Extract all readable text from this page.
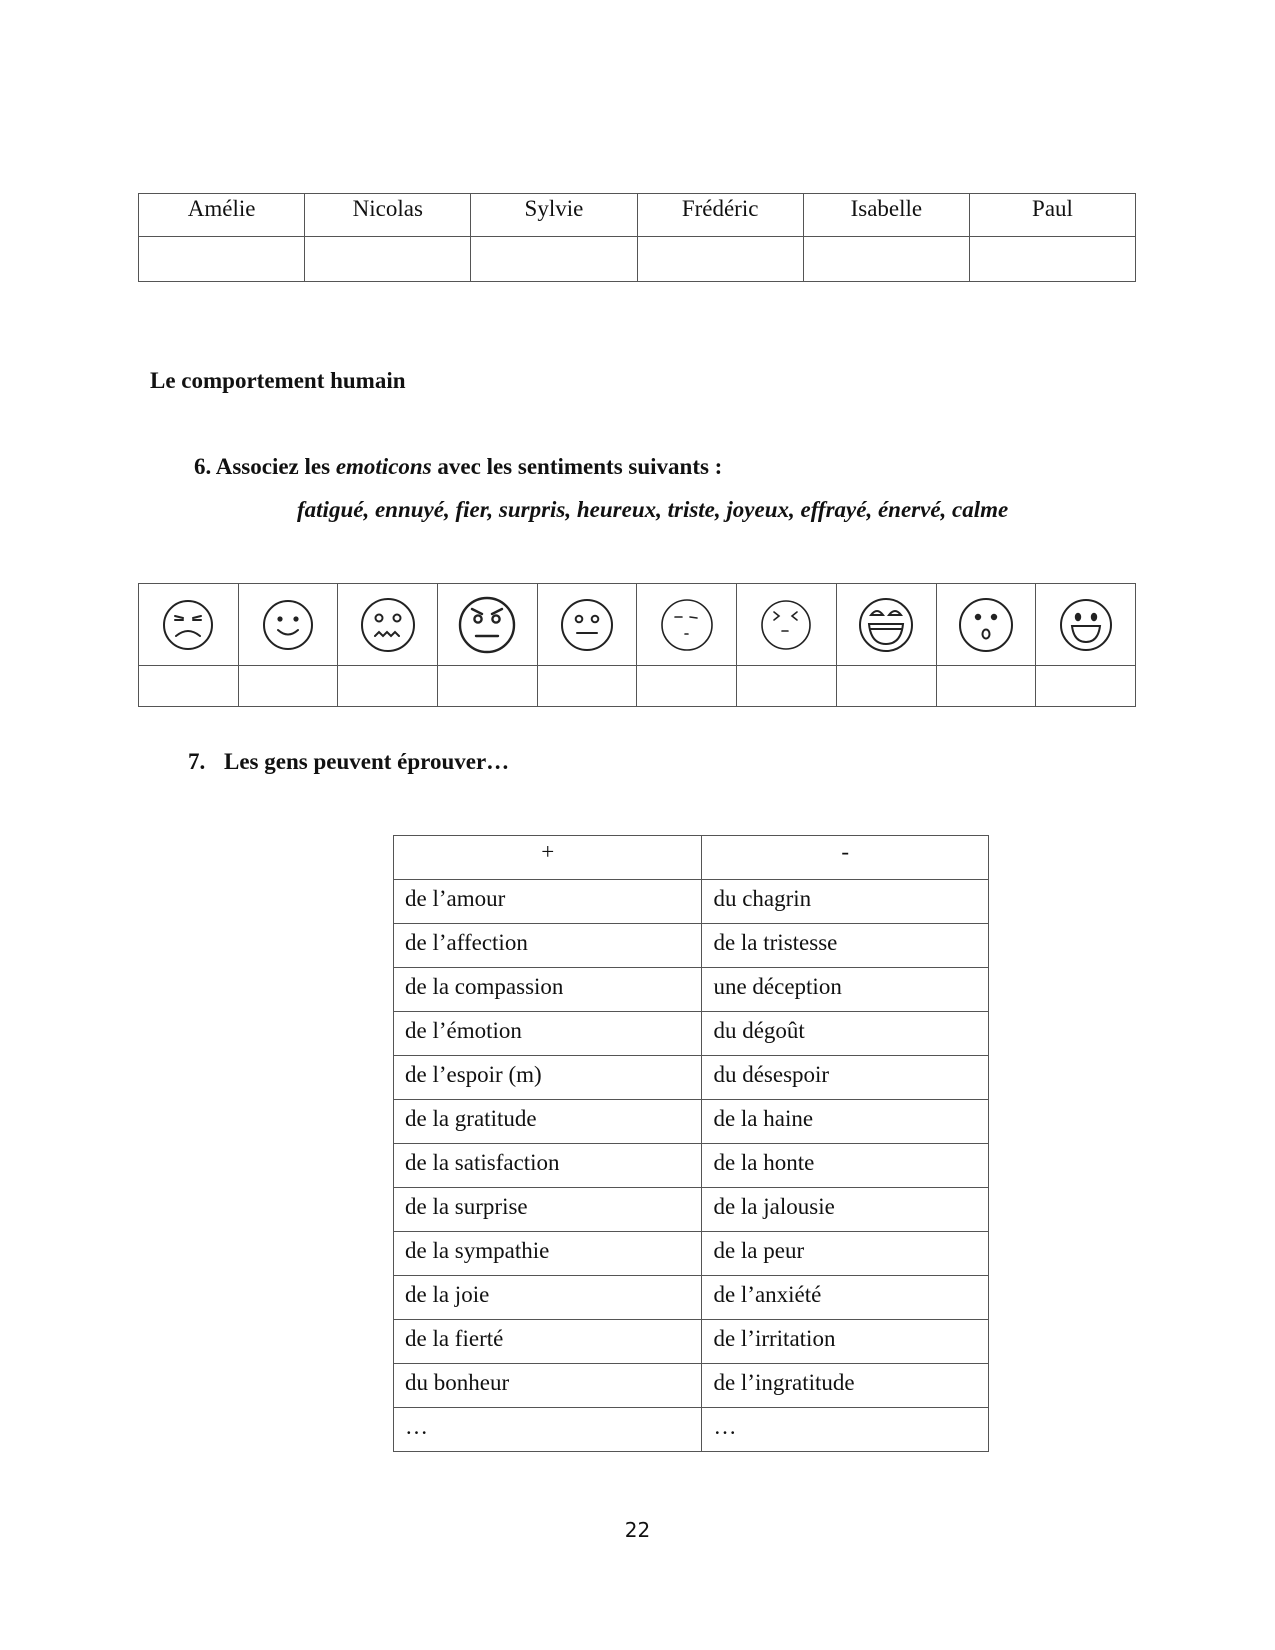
Amélie	Nicolas	Sylvie	Frédéric	Isabelle	Paul

Le comportement humain
6. Associez les emoticons avec les sentiments suivants :
fatigué, ennuyé, fier, surpris, heureux, triste, joyeux, effrayé, énervé, calme

7. Les gens peuvent éprouver…
+	-
de l’amour	du chagrin
de l’affection	de la tristesse
de la compassion	une déception
de l’émotion	du dégoût
de l’espoir (m)	du désespoir
de la gratitude	de la haine
de la satisfaction	de la honte
de la surprise	de la jalousie
de la sympathie	de la peur
de la joie	de l’anxiété
de la fierté	de l’irritation
du bonheur	de l’ingratitude
…	…
22
